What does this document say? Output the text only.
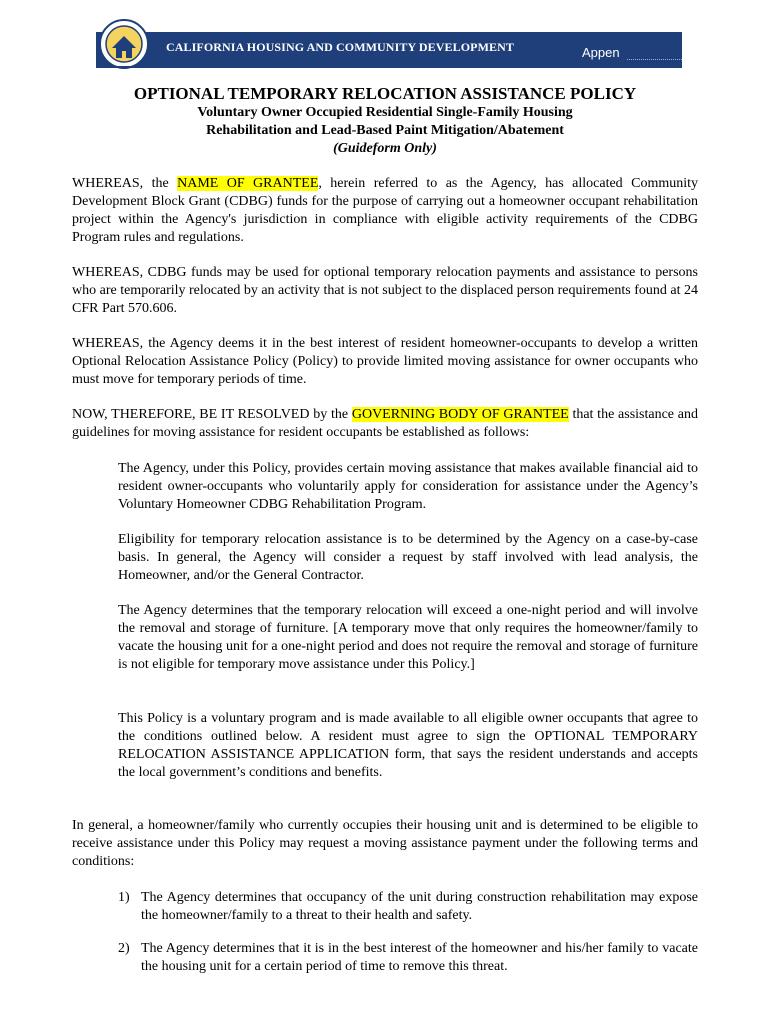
CALIFORNIA HOUSING AND COMMUNITY DEVELOPMENT	Appen
OPTIONAL TEMPORARY RELOCATION ASSISTANCE POLICY
Voluntary Owner Occupied Residential Single-Family Housing
Rehabilitation and Lead-Based Paint Mitigation/Abatement
(Guideform Only)

WHEREAS, the NAME OF GRANTEE, herein referred to as the Agency, has allocated Community Development Block Grant (CDBG) funds for the purpose of carrying out a homeowner occupant rehabilitation project within the Agency's jurisdiction in compliance with eligible activity requirements of the CDBG Program rules and regulations.

WHEREAS, CDBG funds may be used for optional temporary relocation payments and assistance to persons who are temporarily relocated by an activity that is not subject to the displaced person requirements found at 24 CFR Part 570.606.

WHEREAS, the Agency deems it in the best interest of resident homeowner-occupants to develop a written Optional Relocation Assistance Policy (Policy) to provide limited moving assistance for owner occupants who must move for temporary periods of time.

NOW, THEREFORE, BE IT RESOLVED by the GOVERNING BODY OF GRANTEE that the assistance and guidelines for moving assistance for resident occupants be established as follows:

The Agency, under this Policy, provides certain moving assistance that makes available financial aid to resident owner-occupants who voluntarily apply for consideration for assistance under the Agency’s Voluntary Homeowner CDBG Rehabilitation Program.

Eligibility for temporary relocation assistance is to be determined by the Agency on a case-by-case basis. In general, the Agency will consider a request by staff involved with lead analysis, the Homeowner, and/or the General Contractor.

The Agency determines that the temporary relocation will exceed a one-night period and will involve the removal and storage of furniture. [A temporary move that only requires the homeowner/family to vacate the housing unit for a one-night period and does not require the removal and storage of furniture is not eligible for temporary move assistance under this Policy.]

This Policy is a voluntary program and is made available to all eligible owner occupants that agree to the conditions outlined below. A resident must agree to sign the OPTIONAL TEMPORARY RELOCATION ASSISTANCE APPLICATION form, that says the resident understands and accepts the local government’s conditions and benefits.

In general, a homeowner/family who currently occupies their housing unit and is determined to be eligible to receive assistance under this Policy may request a moving assistance payment under the following terms and conditions:

1) The Agency determines that occupancy of the unit during construction rehabilitation may expose the homeowner/family to a threat to their health and safety.
2) The Agency determines that it is in the best interest of the homeowner and his/her family to vacate the housing unit for a certain period of time to remove this threat.
